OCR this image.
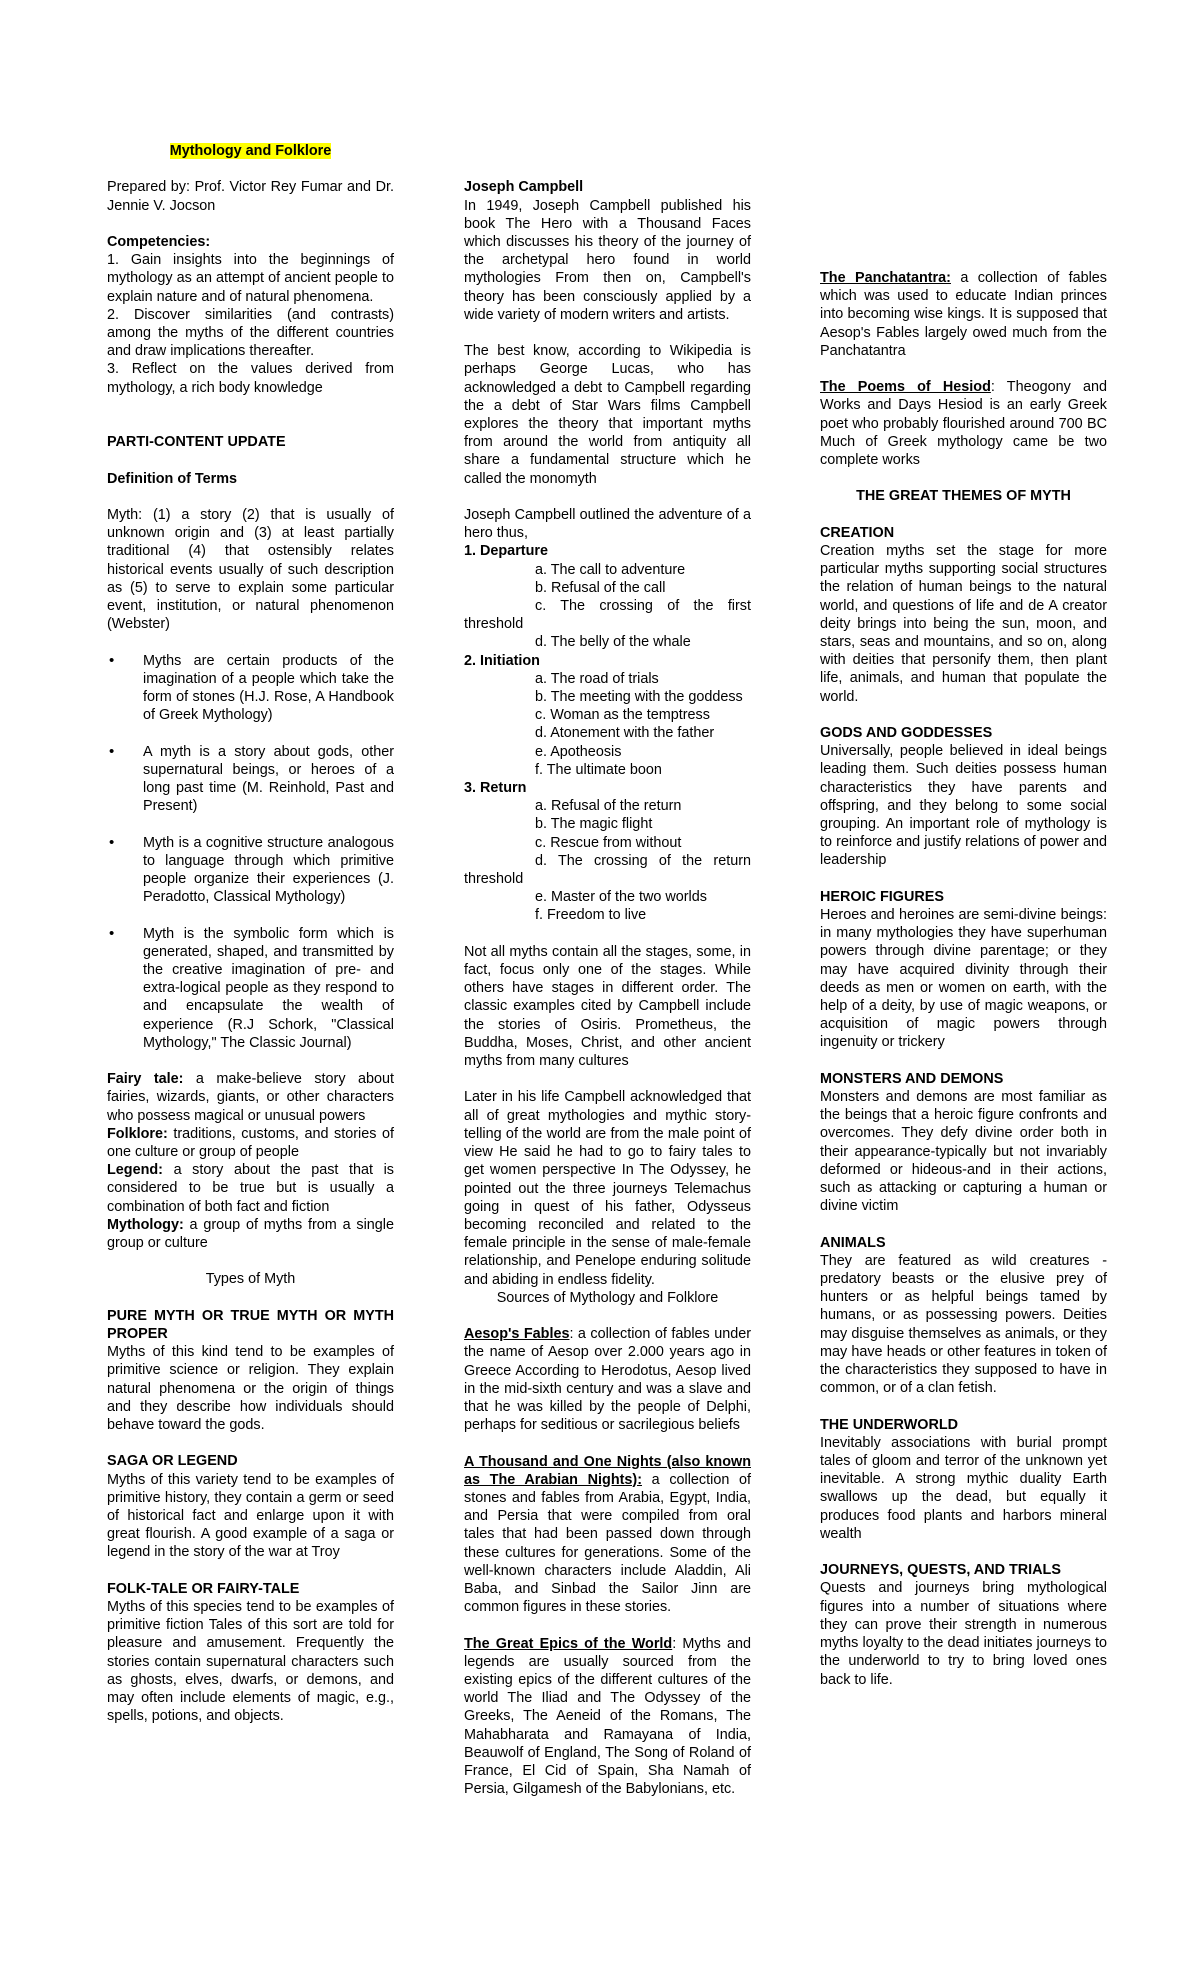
Mythology and Folklore

Prepared by: Prof. Victor Rey Fumar and Dr. Jennie V. Jocson

Competencies:

1. Gain insights into the beginnings of mythology as an attempt of ancient people to explain nature and of natural phenomena.

2. Discover similarities (and contrasts) among the myths of the different countries and draw implications thereafter.

3. Reflect on the values derived from mythology, a rich body knowledge

PARTI-CONTENT UPDATE

Definition of Terms

Myth: (1) a story (2) that is usually of unknown origin and (3) at least partially traditional (4) that ostensibly relates historical events usually of such description as (5) to serve to explain some particular event, institution, or natural phenomenon (Webster)

• Myths are certain products of the imagination of a people which take the form of stones (H.J. Rose, A Handbook of Greek Mythology)
• A myth is a story about gods, other supernatural beings, or heroes of a long past time (M. Reinhold, Past and Present)
• Myth is a cognitive structure analogous to language through which primitive people organize their experiences (J. Peradotto, Classical Mythology)
• Myth is the symbolic form which is generated, shaped, and transmitted by the creative imagination of pre- and extra-logical people as they respond to and encapsulate the wealth of experience (R.J Schork, "Classical Mythology," The Classic Journal)

Fairy tale: a make-believe story about fairies, wizards, giants, or other characters who possess magical or unusual powers

Folklore: traditions, customs, and stories of one culture or group of people

Legend: a story about the past that is considered to be true but is usually a combination of both fact and fiction

Mythology: a group of myths from a single group or culture

Types of Myth

PURE MYTH OR TRUE MYTH OR MYTH PROPER

Myths of this kind tend to be examples of primitive science or religion. They explain natural phenomena or the origin of things and they describe how individuals should behave toward the gods.

SAGA OR LEGEND

Myths of this variety tend to be examples of primitive history, they contain a germ or seed of historical fact and enlarge upon it with great flourish. A good example of a saga or legend in the story of the war at Troy

FOLK-TALE OR FAIRY-TALE

Myths of this species tend to be examples of primitive fiction Tales of this sort are told for pleasure and amusement. Frequently the stories contain supernatural characters such as ghosts, elves, dwarfs, or demons, and may often include elements of magic, e.g., spells, potions, and objects.

Joseph Campbell

In 1949, Joseph Campbell published his book The Hero with a Thousand Faces which discusses his theory of the journey of the archetypal hero found in world mythologies From then on, Campbell's theory has been consciously applied by a wide variety of modern writers and artists.

The best know, according to Wikipedia is perhaps George Lucas, who has acknowledged a debt to Campbell regarding the a debt of Star Wars films Campbell explores the theory that important myths from around the world from antiquity all share a fundamental structure which he called the monomyth

Joseph Campbell outlined the adventure of a hero thus,

1. Departure

a. The call to adventure

b. Refusal of the call

c. The crossing of the first threshold

d. The belly of the whale

2. Initiation

a. The road of trials

b. The meeting with the goddess

c. Woman as the temptress

d. Atonement with the father

e. Apotheosis

f. The ultimate boon

3. Return

a. Refusal of the return

b. The magic flight

c. Rescue from without

d. The crossing of the return threshold

e. Master of the two worlds

f. Freedom to live

Not all myths contain all the stages, some, in fact, focus only one of the stages. While others have stages in different order. The classic examples cited by Campbell include the stories of Osiris. Prometheus, the Buddha, Moses, Christ, and other ancient myths from many cultures

Later in his life Campbell acknowledged that all of great mythologies and mythic story-telling of the world are from the male point of view He said he had to go to fairy tales to get women perspective In The Odyssey, he pointed out the three journeys Telemachus going in quest of his father, Odysseus becoming reconciled and related to the female principle in the sense of male-female relationship, and Penelope enduring solitude and abiding in endless fidelity.

Sources of Mythology and Folklore

Aesop's Fables: a collection of fables under the name of Aesop over 2.000 years ago in Greece According to Herodotus, Aesop lived in the mid-sixth century and was a slave and that he was killed by the people of Delphi, perhaps for seditious or sacrilegious beliefs

A Thousand and One Nights (also known as The Arabian Nights): a collection of stones and fables from Arabia, Egypt, India, and Persia that were compiled from oral tales that had been passed down through these cultures for generations. Some of the well-known characters include Aladdin, Ali Baba, and Sinbad the Sailor Jinn are common figures in these stories.

The Great Epics of the World: Myths and legends are usually sourced from the existing epics of the different cultures of the world The Iliad and The Odyssey of the Greeks, The Aeneid of the Romans, The Mahabharata and Ramayana of India, Beauwolf of England, The Song of Roland of France, El Cid of Spain, Sha Namah of Persia, Gilgamesh of the Babylonians, etc.

The Panchatantra: a collection of fables which was used to educate Indian princes into becoming wise kings. It is supposed that Aesop's Fables largely owed much from the Panchatantra

The Poems of Hesiod: Theogony and Works and Days Hesiod is an early Greek poet who probably flourished around 700 BC Much of Greek mythology came be two complete works

THE GREAT THEMES OF MYTH

CREATION

Creation myths set the stage for more particular myths supporting social structures the relation of human beings to the natural world, and questions of life and de A creator deity brings into being the sun, moon, and stars, seas and mountains, and so on, along with deities that personify them, then plant life, animals, and human that populate the world.

GODS AND GODDESSES

Universally, people believed in ideal beings leading them. Such deities possess human characteristics they have parents and offspring, and they belong to some social grouping. An important role of mythology is to reinforce and justify relations of power and leadership

HEROIC FIGURES

Heroes and heroines are semi-divine beings: in many mythologies they have superhuman powers through divine parentage; or they may have acquired divinity through their deeds as men or women on earth, with the help of a deity, by use of magic weapons, or acquisition of magic powers through ingenuity or trickery

MONSTERS AND DEMONS

Monsters and demons are most familiar as the beings that a heroic figure confronts and overcomes. They defy divine order both in their appearance-typically but not invariably deformed or hideous-and in their actions, such as attacking or capturing a human or divine victim

ANIMALS

They are featured as wild creatures - predatory beasts or the elusive prey of hunters or as helpful beings tamed by humans, or as possessing powers. Deities may disguise themselves as animals, or they may have heads or other features in token of the characteristics they supposed to have in common, or of a clan fetish.

THE UNDERWORLD

Inevitably associations with burial prompt tales of gloom and terror of the unknown yet inevitable. A strong mythic duality Earth swallows up the dead, but equally it produces food plants and harbors mineral wealth

JOURNEYS, QUESTS, AND TRIALS

Quests and journeys bring mythological figures into a number of situations where they can prove their strength in numerous myths loyalty to the dead initiates journeys to the underworld to try to bring loved ones back to life.
